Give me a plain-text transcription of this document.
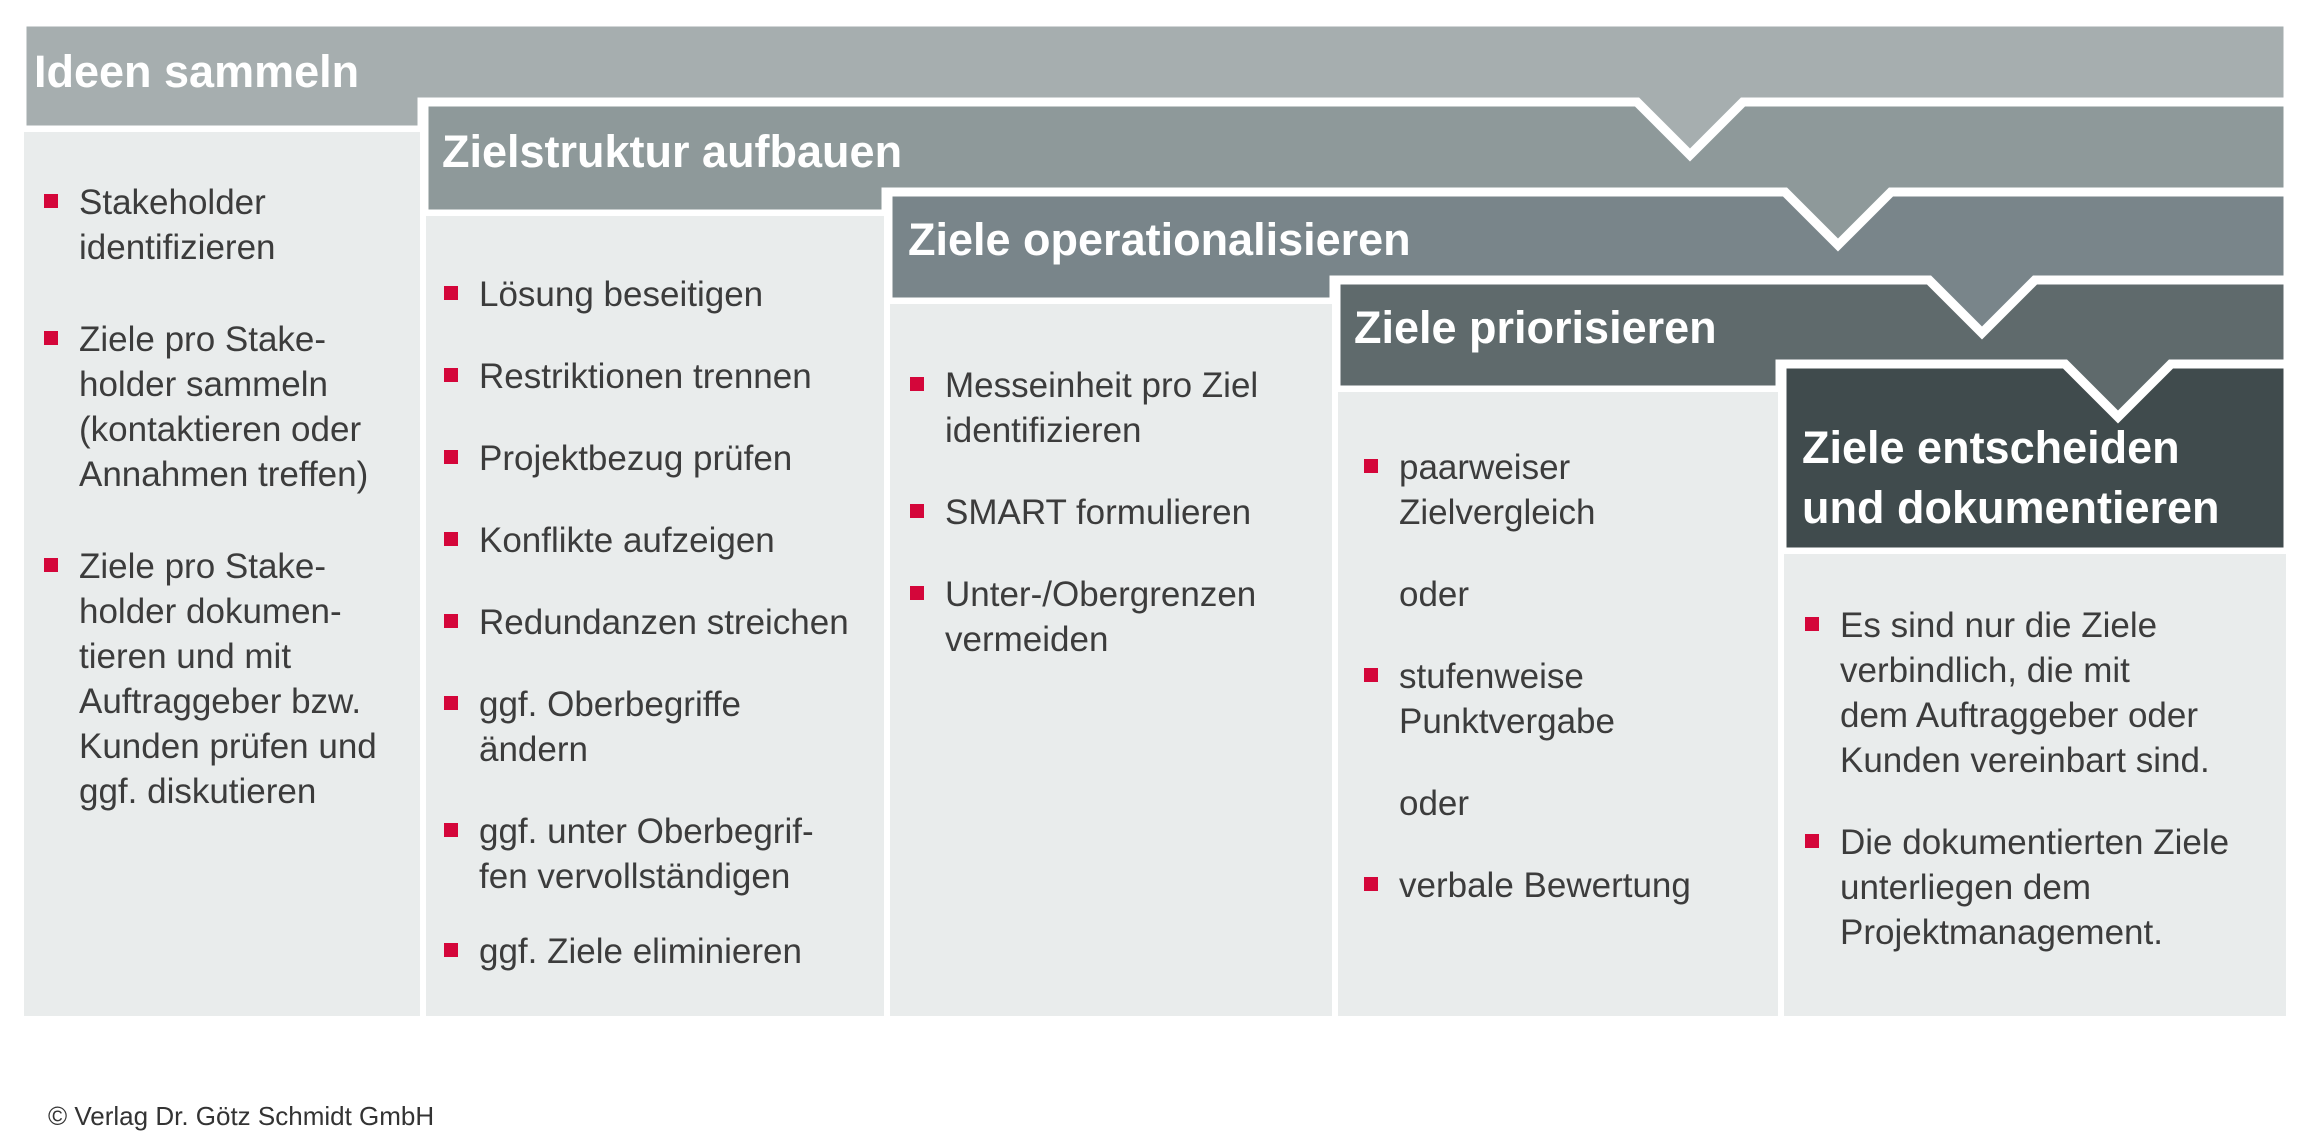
Ideen sammeln
Zielstruktur aufbauen
Ziele operationalisieren
Ziele priorisieren
Ziele entscheiden
und dokumentieren
Stakeholder
identifizieren
Ziele pro Stake-
holder sammeln
(kontaktieren oder
Annahmen treffen)
Ziele pro Stake-
holder dokumen-
tieren und mit
Auftraggeber bzw.
Kunden prüfen und
ggf. diskutieren
Lösung beseitigen
Restriktionen trennen
Projektbezug prüfen
Konflikte aufzeigen
Redundanzen streichen
ggf. Oberbegriffe
ändern
ggf. unter Oberbegrif-
fen vervollständigen
ggf. Ziele eliminieren
Messeinheit pro Ziel
identifizieren
SMART formulieren
Unter-/Obergrenzen
vermeiden
paarweiser
Zielvergleich
oder
stufenweise
Punktvergabe
oder
verbale Bewertung
Es sind nur die Ziele
verbindlich, die mit
dem Auftraggeber oder
Kunden vereinbart sind.
Die dokumentierten Ziele
unterliegen dem
Projektmanagement.
© Verlag Dr. Götz Schmidt GmbH
